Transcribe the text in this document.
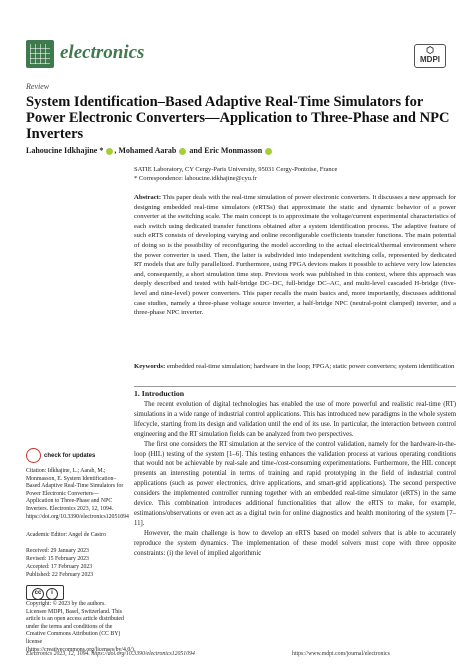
electronics	⬡
MDPI
Review
System Identification–Based Adaptive Real-Time Simulators for Power Electronic Converters—Application to Three-Phase and NPC Inverters
Lahoucine Idkhajine * , Mohamed Aarab and Eric Monmasson
SATIE Laboratory, CY Cergy-Paris University, 95031 Cergy-Pontoise, France
* Correspondence: lahoucine.idkhajine@cyu.fr
Abstract: This paper deals with the real-time simulation of power electronic converters. It discusses a new approach for designing embedded real-time simulators (eRTSs) that approximate the static and dynamic behavior of a power converter at the switching scale. The main concept is to approximate the voltage/current experimental characteristics of each switch using dedicated transfer functions obtained after a system identification process. The adaptive feature of such eRTS consists of developing varying and online reconfigurable coefficients transfer functions. The main potential of doing so is the possibility of reconfiguring the model according to the actual electrical/thermal environment where the power converter is used. Then, the latter is subdivided into independent switching cells, represented by dedicated RT models that are fully parallelized. Furthermore, using FPGA devices makes it possible to achieve very low latencies and, consequently, a short simulation time step. Previous work was published in this context, where this approach was deeply described and tested with half-bridge DC–DC, full-bridge DC–AC, and multi-level cascaded H-bridge (five-level and nine-level) power converters. This paper recalls the main basics and, more importantly, discusses additional case studies, namely a three-phase voltage source inverter, a half-bridge NPC (neutral-point clamped) inverter, and a three-phase NPC inverter.
Keywords: embedded real-time simulation; hardware in the loop; FPGA; static power converters; system identification
check for updates
Citation: Idkhajine, L.; Aarab, M.; Monmasson, E. System Identification–Based Adaptive Real-Time Simulators for Power Electronic Converters—Application to Three-Phase and NPC Inverters. Electronics 2023, 12, 1094. https://doi.org/10.3390/electronics12051094
Academic Editor: Angel de Castro
Received: 29 January 2023
Revised: 15 February 2023
Accepted: 17 February 2023
Published: 22 February 2023
cc i
Copyright: © 2023 by the authors. Licensee MDPI, Basel, Switzerland. This article is an open access article distributed under the terms and conditions of the Creative Commons Attribution (CC BY) license (https://creativecommons.org/licenses/by/4.0/).
1. Introduction

The recent evolution of digital technologies has enabled the use of more powerful and realistic real-time (RT) simulations in a wide range of industrial control applications. This has introduced new paradigms in the whole system lifecycle, starting from its design and validation until the end of its use. In particular, the interaction between control engineering and the RT simulation fields can be analyzed from two perspectives.

The first one considers the RT simulation at the service of the control validation, namely for the hardware-in-the-loop (HIL) testing of the system [1–6]. This testing enhances the validation process at various operating conditions that would not be achievable by real-sale and time-/cost-consuming experimentations. Furthermore, the HIL concept presents an interesting potential in terms of training and rapid prototyping in the field of industrial control applications (such as power electronics, drive applications, and smart-grid applications). The second perspective considers the implemented controller running together with an embedded real-time simulator (eRTS) in the same device. This combination introduces additional functionalities that allow the eRTS to make, for example, estimations/observations or even act as a digital twin for online diagnostics and health monitoring of the system [7–11].

However, the main challenge is how to develop an eRTS based on model solvers that is able to accurately reproduce the system dynamics. The implementation of these model solvers must cope with three opposite constraints: (i) the level of implied algorithmic

Electronics 2023, 12, 1094. https://doi.org/10.3390/electronics12051094	https://www.mdpi.com/journal/electronics
